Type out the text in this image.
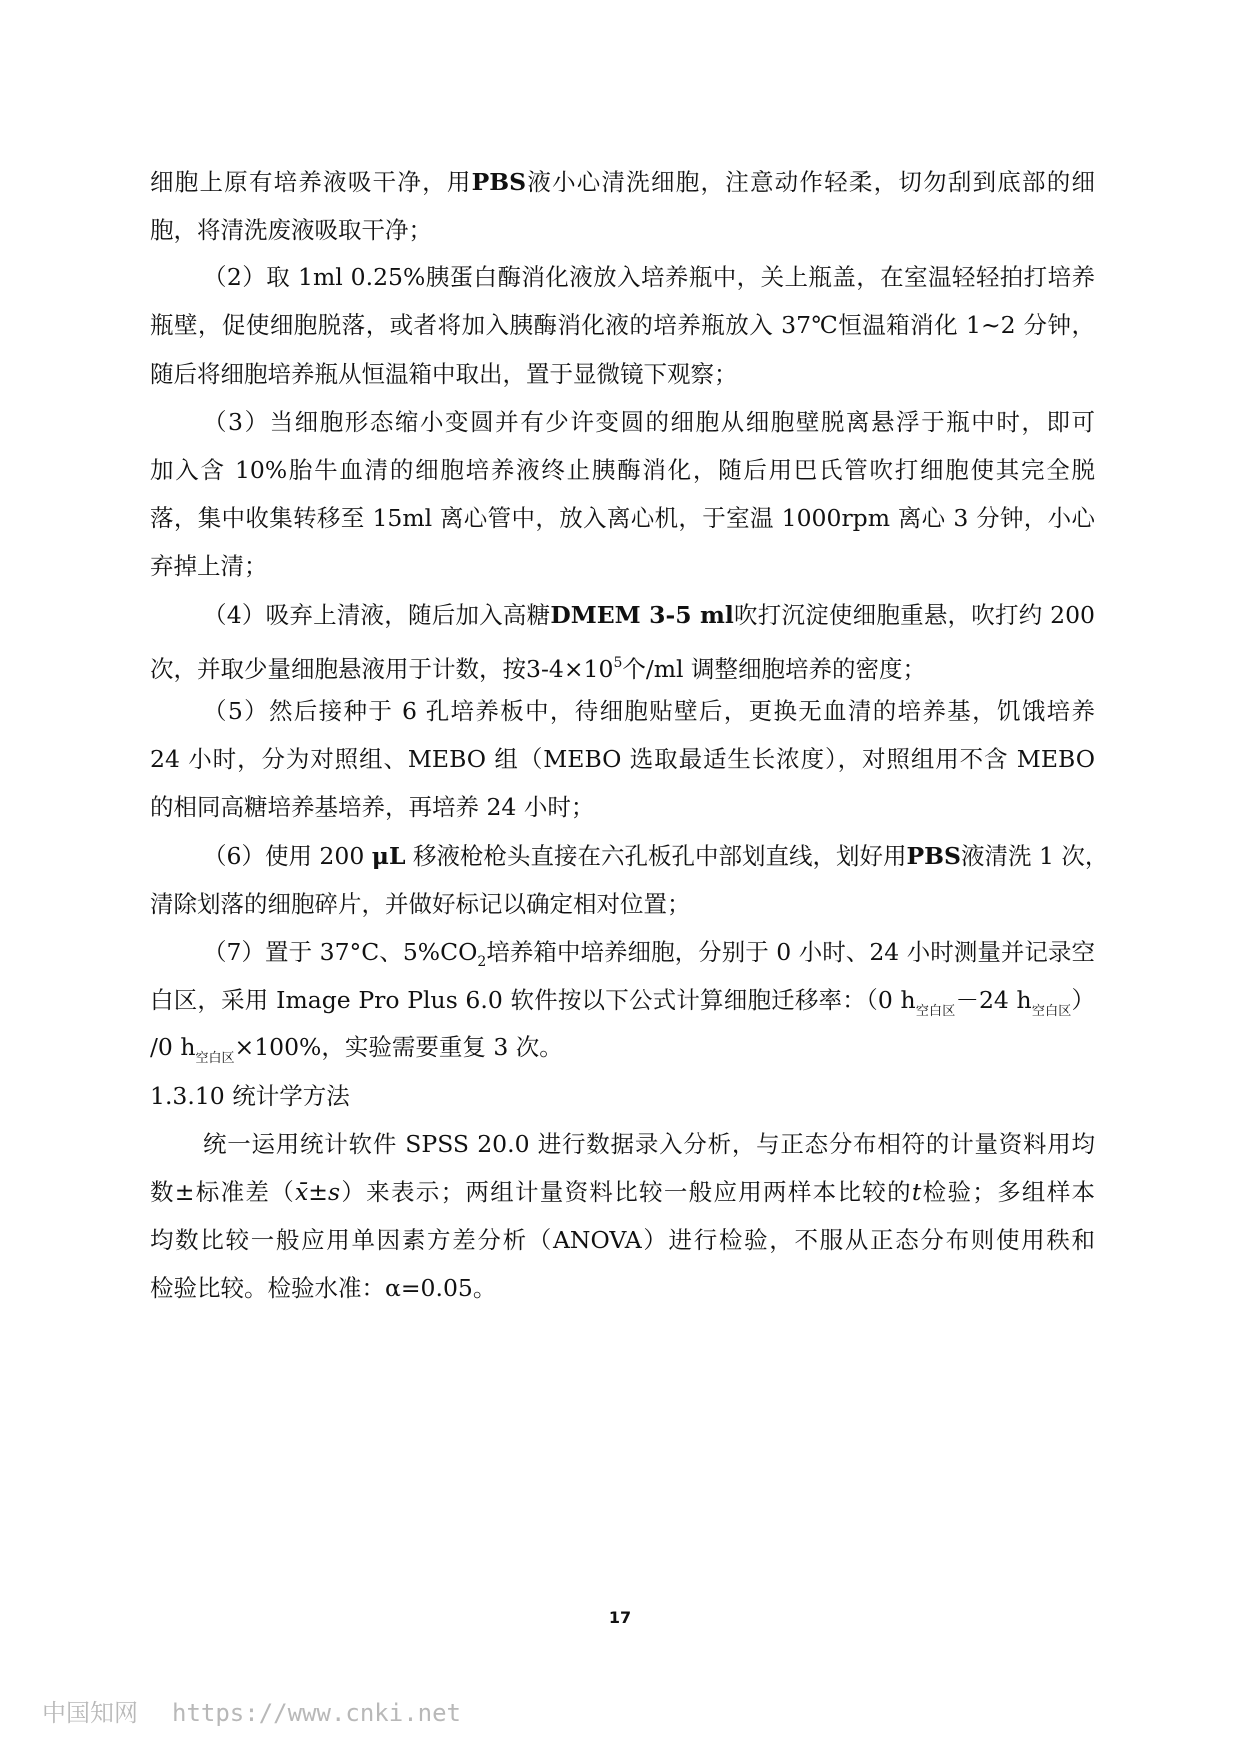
细胞上原有培养液吸干净，用PBS液小心清洗细胞，注意动作轻柔，切勿刮到底部的细
胞，将清洗废液吸取干净；
（2）取 1ml 0.25%胰蛋白酶消化液放入培养瓶中，关上瓶盖，在室温轻轻拍打培养
瓶壁，促使细胞脱落，或者将加入胰酶消化液的培养瓶放入 37℃恒温箱消化 1~2 分钟，
随后将细胞培养瓶从恒温箱中取出，置于显微镜下观察；
（3）当细胞形态缩小变圆并有少许变圆的细胞从细胞壁脱离悬浮于瓶中时，即可
加入含 10%胎牛血清的细胞培养液终止胰酶消化，随后用巴氏管吹打细胞使其完全脱
落，集中收集转移至 15ml 离心管中，放入离心机，于室温 1000rpm 离心 3 分钟，小心
弃掉上清；
（4）吸弃上清液，随后加入高糖DMEM 3-5 ml吹打沉淀使细胞重悬，吹打约 200
次，并取少量细胞悬液用于计数，按$3-4\times 10^5$个/ml 调整细胞培养的密度；
（5）然后接种于 6 孔培养板中，待细胞贴壁后，更换无血清的培养基，饥饿培养
24 小时，分为对照组、MEBO 组（MEBO 选取最适生长浓度），对照组用不含 MEBO
的相同高糖培养基培养，再培养 24 小时；
（6）使用 200 μL 移液枪枪头直接在六孔板孔中部划直线，划好用PBS液清洗 1 次，
清除划落的细胞碎片，并做好标记以确定相对位置；
（7）置于 37°C、$5\%CO_2$培养箱中培养细胞，分别于 0 小时、24 小时测量并记录空
白区，采用 Image Pro Plus 6.0 软件按以下公式计算细胞迁移率：（0 $h_{空白区}-24$ $h_{空白区}$）
/0 $h_{空白区}\times 100\%$，实验需要重复 3 次。
1.3.10 统计学方法
统一运用统计软件 SPSS 20.0 进行数据录入分析，与正态分布相符的计量资料用均
数±标准差（x̄±s）来表示；两组计量资料比较一般应用两样本比较的t检验；多组样本
均数比较一般应用单因素方差分析（ANOVA）进行检验，不服从正态分布则使用秩和
检验比较。检验水准：α=0.05。
17
中国知网 https://www.cnki.net
